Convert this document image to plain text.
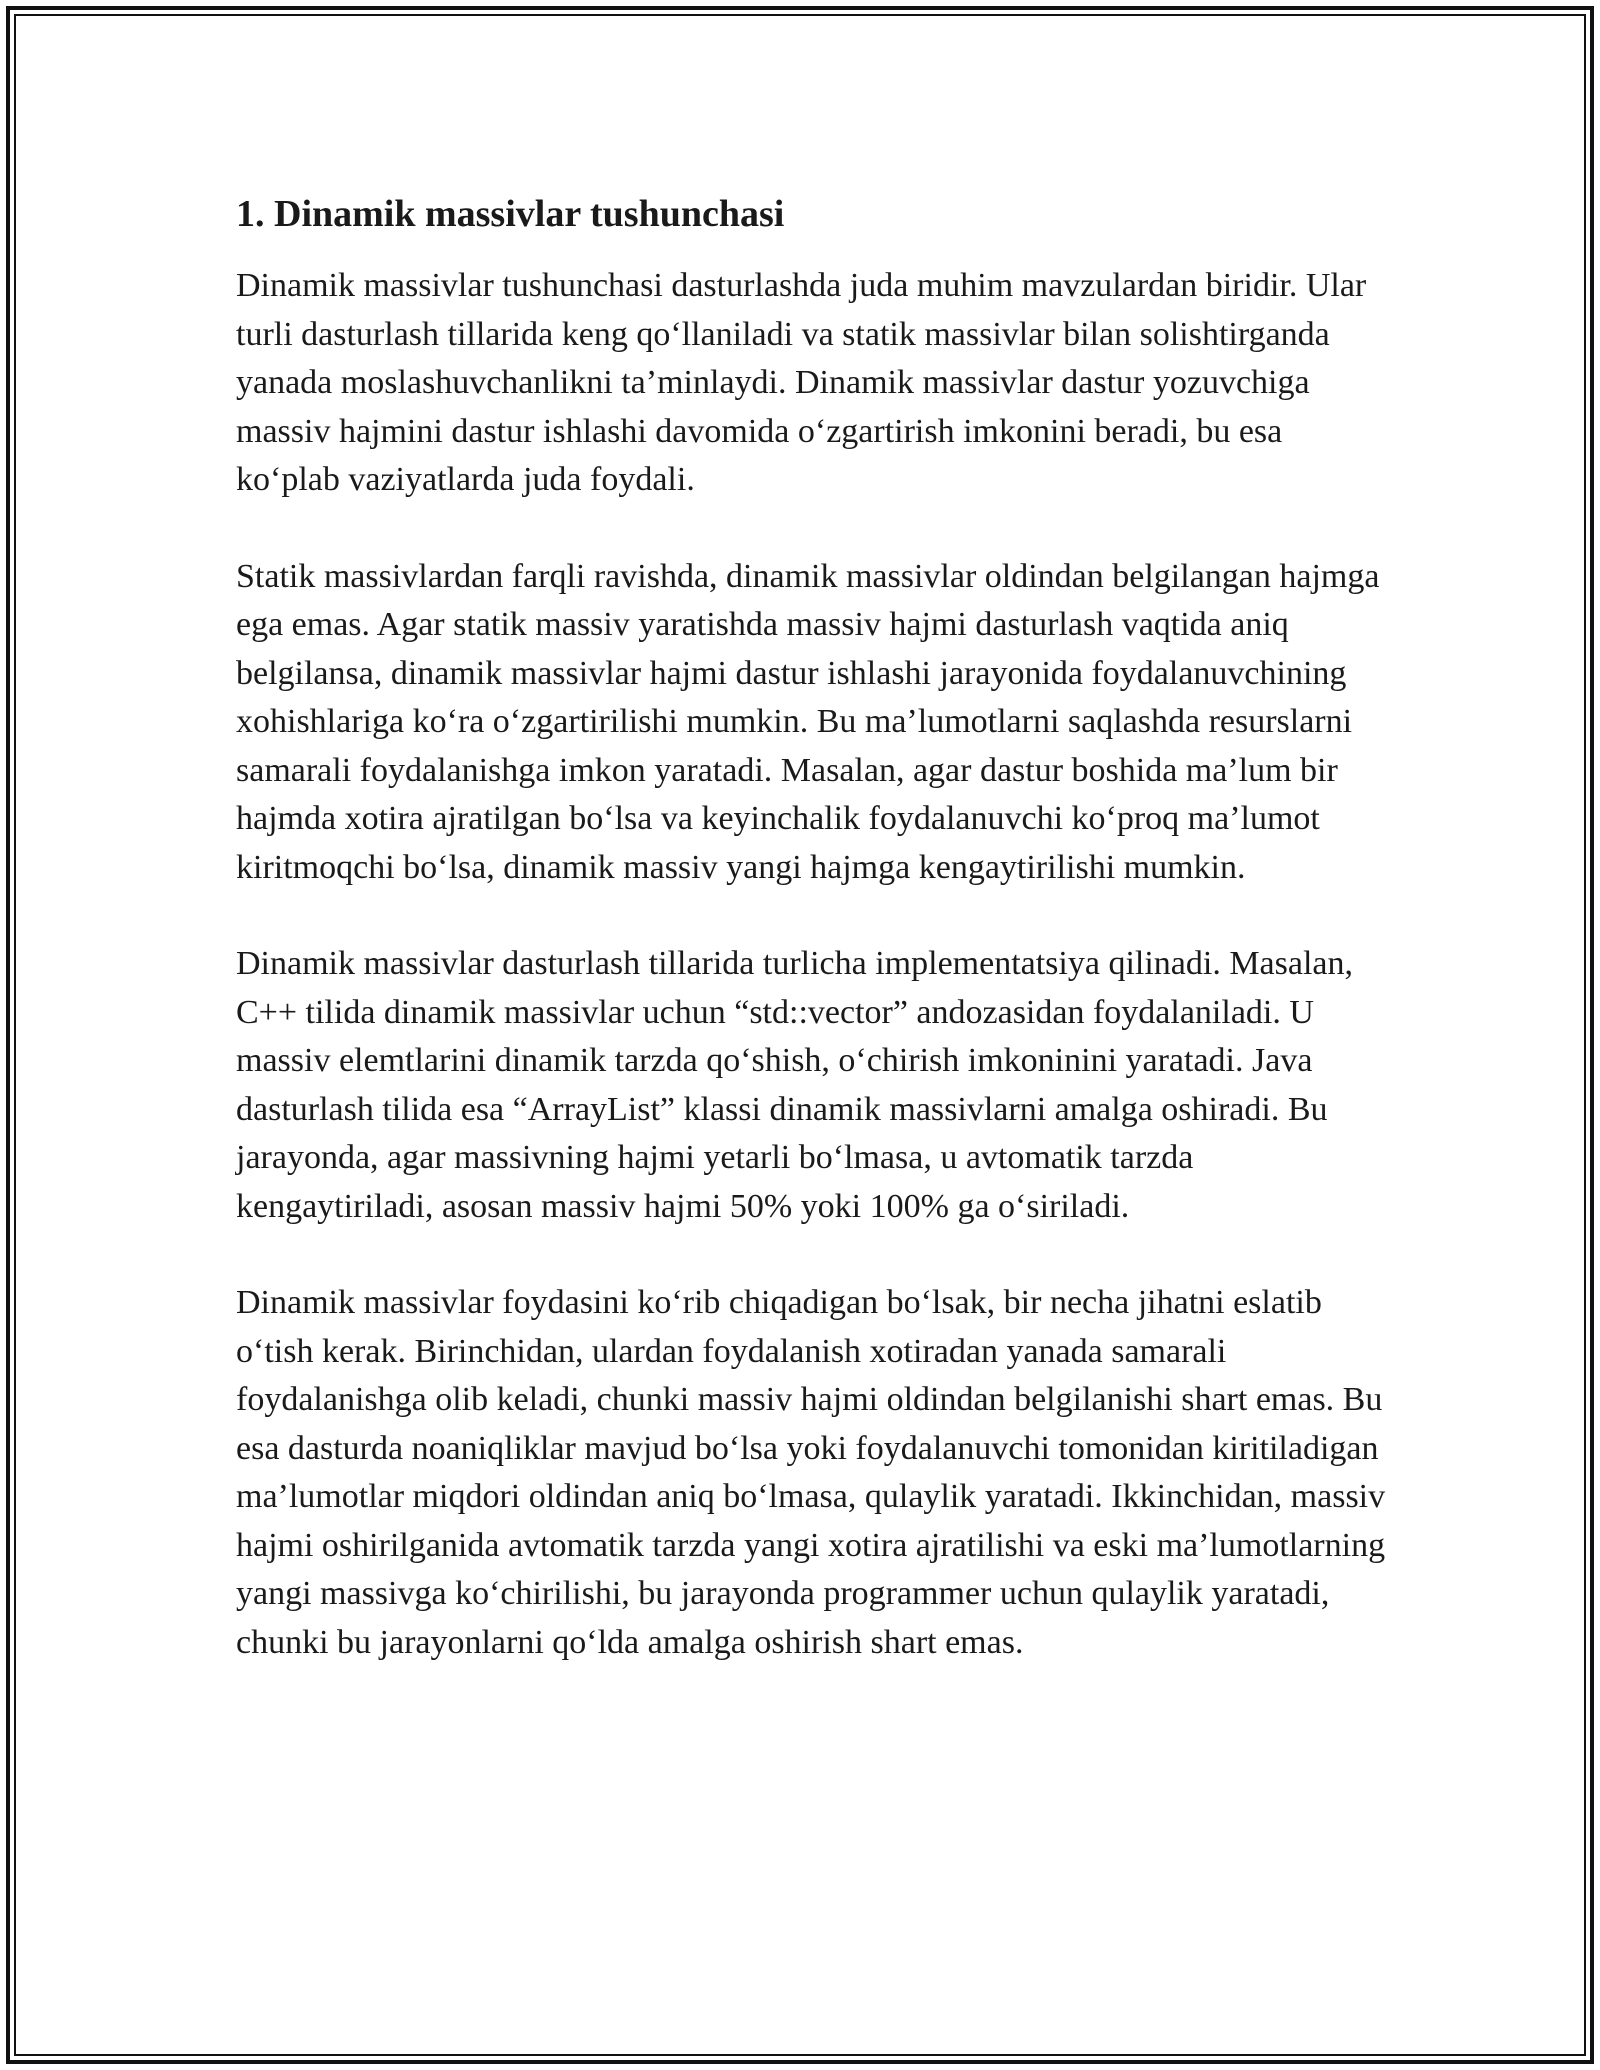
1. Dinamik massivlar tushunchasi

Dinamik massivlar tushunchasi dasturlashda juda muhim mavzulardan biridir. Ular turli dasturlash tillarida keng qo‘llaniladi va statik massivlar bilan solishtirganda yanada moslashuvchanlikni ta’minlaydi. Dinamik massivlar dastur yozuvchiga massiv hajmini dastur ishlashi davomida o‘zgartirish imkonini beradi, bu esa ko‘plab vaziyatlarda juda foydali.

Statik massivlardan farqli ravishda, dinamik massivlar oldindan belgilangan hajmga ega emas. Agar statik massiv yaratishda massiv hajmi dasturlash vaqtida aniq belgilansa, dinamik massivlar hajmi dastur ishlashi jarayonida foydalanuvchining xohishlariga ko‘ra o‘zgartirilishi mumkin. Bu ma’lumotlarni saqlashda resurslarni samarali foydalanishga imkon yaratadi. Masalan, agar dastur boshida ma’lum bir hajmda xotira ajratilgan bo‘lsa va keyinchalik foydalanuvchi ko‘proq ma’lumot kiritmoqchi bo‘lsa, dinamik massiv yangi hajmga kengaytirilishi mumkin.

Dinamik massivlar dasturlash tillarida turlicha implementatsiya qilinadi. Masalan, C++ tilida dinamik massivlar uchun “std::vector” andozasidan foydalaniladi. U massiv elemtlarini dinamik tarzda qo‘shish, o‘chirish imkoninini yaratadi. Java dasturlash tilida esa “ArrayList” klassi dinamik massivlarni amalga oshiradi. Bu jarayonda, agar massivning hajmi yetarli bo‘lmasa, u avtomatik tarzda kengaytiriladi, asosan massiv hajmi 50% yoki 100% ga o‘siriladi.

Dinamik massivlar foydasini ko‘rib chiqadigan bo‘lsak, bir necha jihatni eslatib o‘tish kerak. Birinchidan, ulardan foydalanish xotiradan yanada samarali foydalanishga olib keladi, chunki massiv hajmi oldindan belgilanishi shart emas. Bu esa dasturda noaniqliklar mavjud bo‘lsa yoki foydalanuvchi tomonidan kiritiladigan ma’lumotlar miqdori oldindan aniq bo‘lmasa, qulaylik yaratadi. Ikkinchidan, massiv hajmi oshirilganida avtomatik tarzda yangi xotira ajratilishi va eski ma’lumotlarning yangi massivga ko‘chirilishi, bu jarayonda programmer uchun qulaylik yaratadi, chunki bu jarayonlarni qo‘lda amalga oshirish shart emas.
